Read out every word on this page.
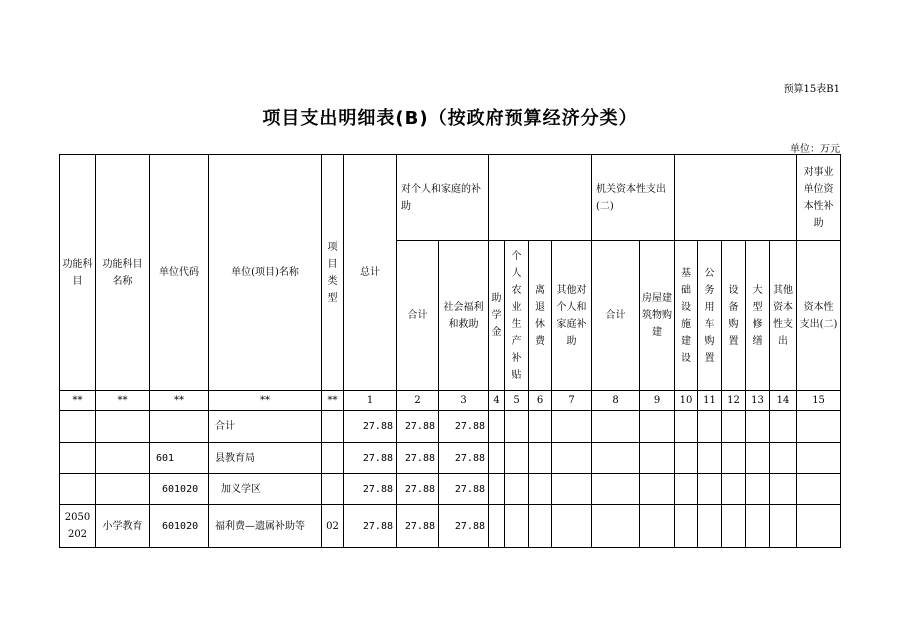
预算15表B1
项目支出明细表(B)（按政府预算经济分类）
单位：万元
功能科目	功能科目名称	单位代码	单位(项目)名称	项目类型	总计	对个人和家庭的补助						机关资本性支出(二)							对事业单位资本性补助
						合计	社会福利和救助	助学金	个人农业生产补贴	离退休费	其他对个人和家庭补助	合计	房屋建筑物购建	基础设施建设	公务用车购置	设备购置	大型修缮	其他资本性支出	资本性支出(二)
**	**	**	**	**	1	2	3	4	5	6	7	8	9	10	11	12	13	14	15
			合计		27.88	27.88	27.88												
		601	县教育局		27.88	27.88	27.88												
		601020	加义学区		27.88	27.88	27.88												
2050202	小学教育	601020	福利费—遗属补助等	02	27.88	27.88	27.88												
